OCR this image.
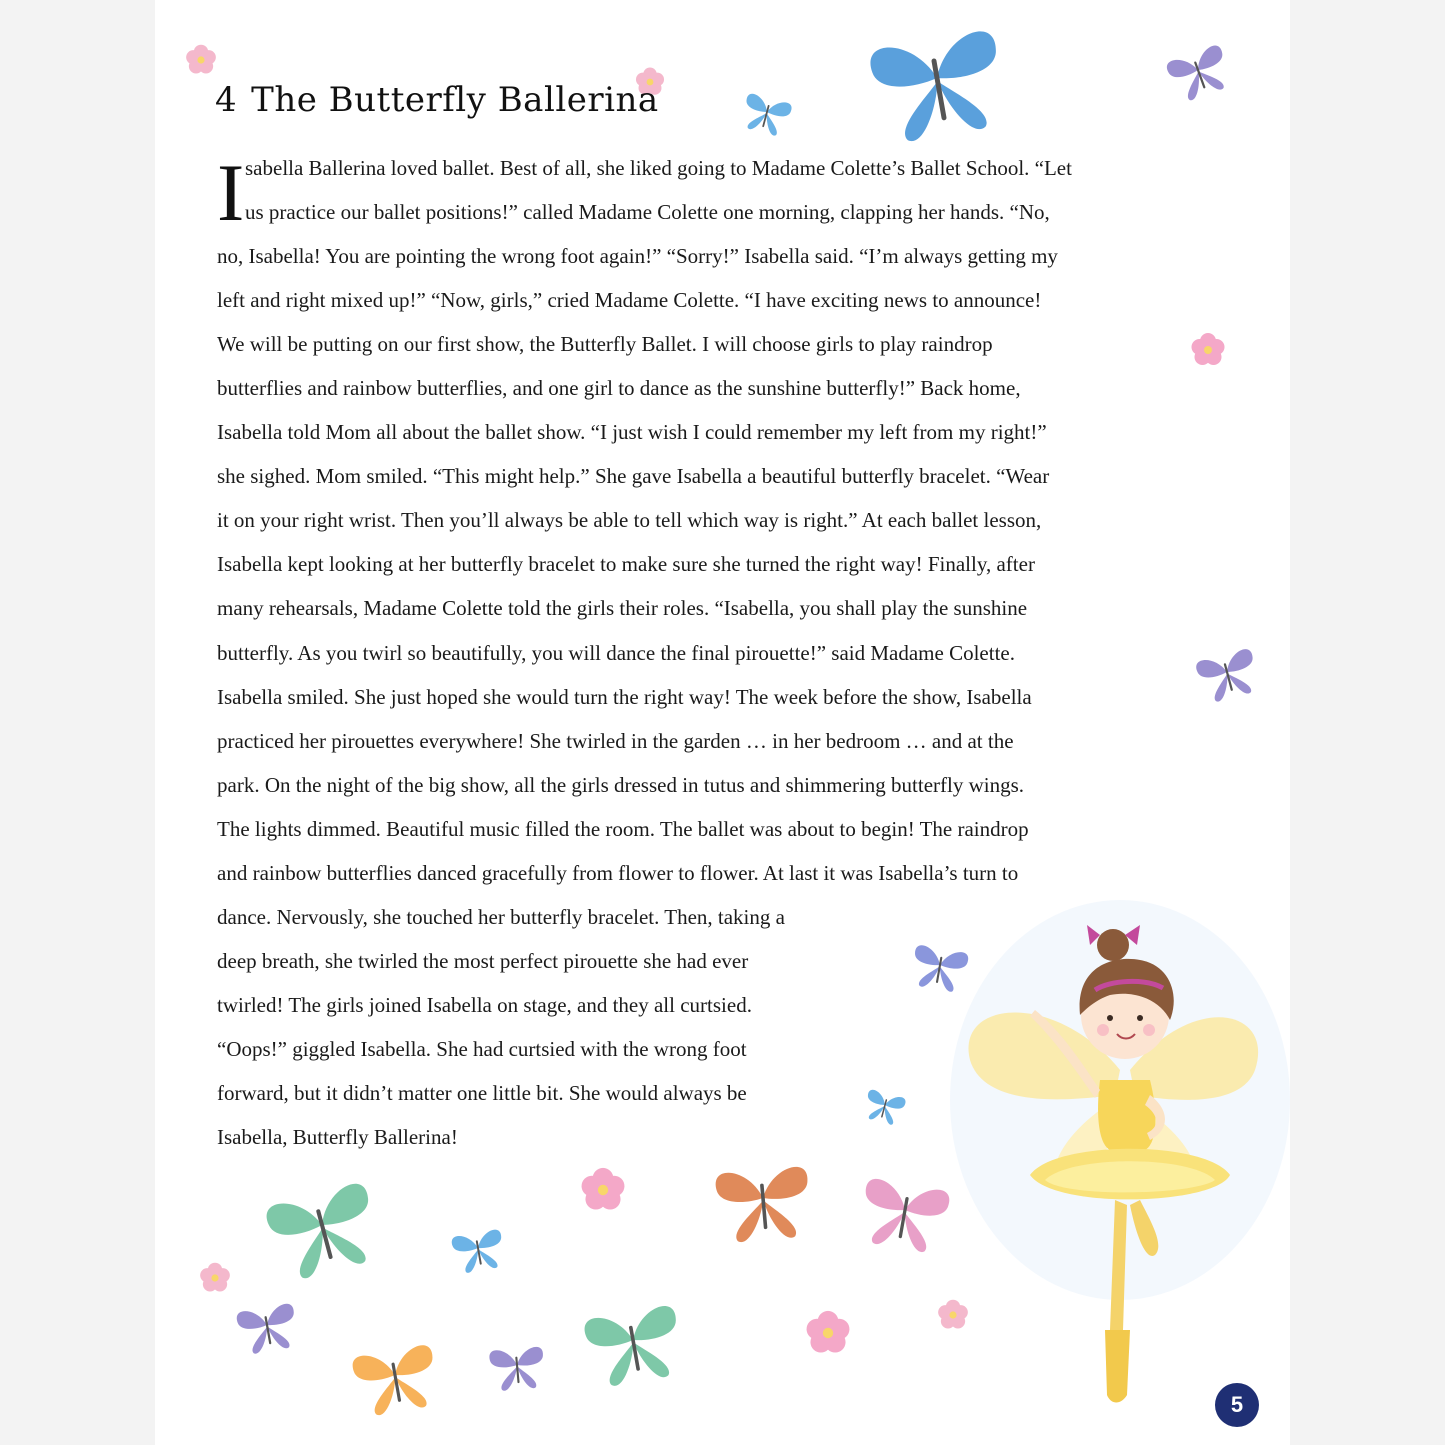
4 The Butterfly Ballerina
I sabella Ballerina loved ballet. Best of all, she liked going to Madame Colette’s Ballet School. “Let
us practice our ballet positions!” called Madame Colette one morning, clapping her hands. “No,
no, Isabella! You are pointing the wrong foot again!” “Sorry!” Isabella said. “I’m always getting my
left and right mixed up!” “Now, girls,” cried Madame Colette. “I have exciting news to announce!
We will be putting on our first show, the Butterfly Ballet. I will choose girls to play raindrop
butterflies and rainbow butterflies, and one girl to dance as the sunshine butterfly!” Back home,
Isabella told Mom all about the ballet show. “I just wish I could remember my left from my right!”
she sighed. Mom smiled. “This might help.” She gave Isabella a beautiful butterfly bracelet. “Wear
it on your right wrist. Then you’ll always be able to tell which way is right.” At each ballet lesson,
Isabella kept looking at her butterfly bracelet to make sure she turned the right way! Finally, after
many rehearsals, Madame Colette told the girls their roles. “Isabella, you shall play the sunshine
butterfly. As you twirl so beautifully, you will dance the final pirouette!” said Madame Colette.
Isabella smiled. She just hoped she would turn the right way! The week before the show, Isabella
practiced her pirouettes everywhere! She twirled in the garden … in her bedroom … and at the
park. On the night of the big show, all the girls dressed in tutus and shimmering butterfly wings.
The lights dimmed. Beautiful music filled the room. The ballet was about to begin! The raindrop
and rainbow butterflies danced gracefully from flower to flower. At last it was Isabella’s turn to
dance. Nervously, she touched her butterfly bracelet. Then, taking a
deep breath, she twirled the most perfect pirouette she had ever
twirled! The girls joined Isabella on stage, and they all curtsied.
“Oops!” giggled Isabella. She had curtsied with the wrong foot
forward, but it didn’t matter one little bit. She would always be
Isabella, Butterfly Ballerina!
5
